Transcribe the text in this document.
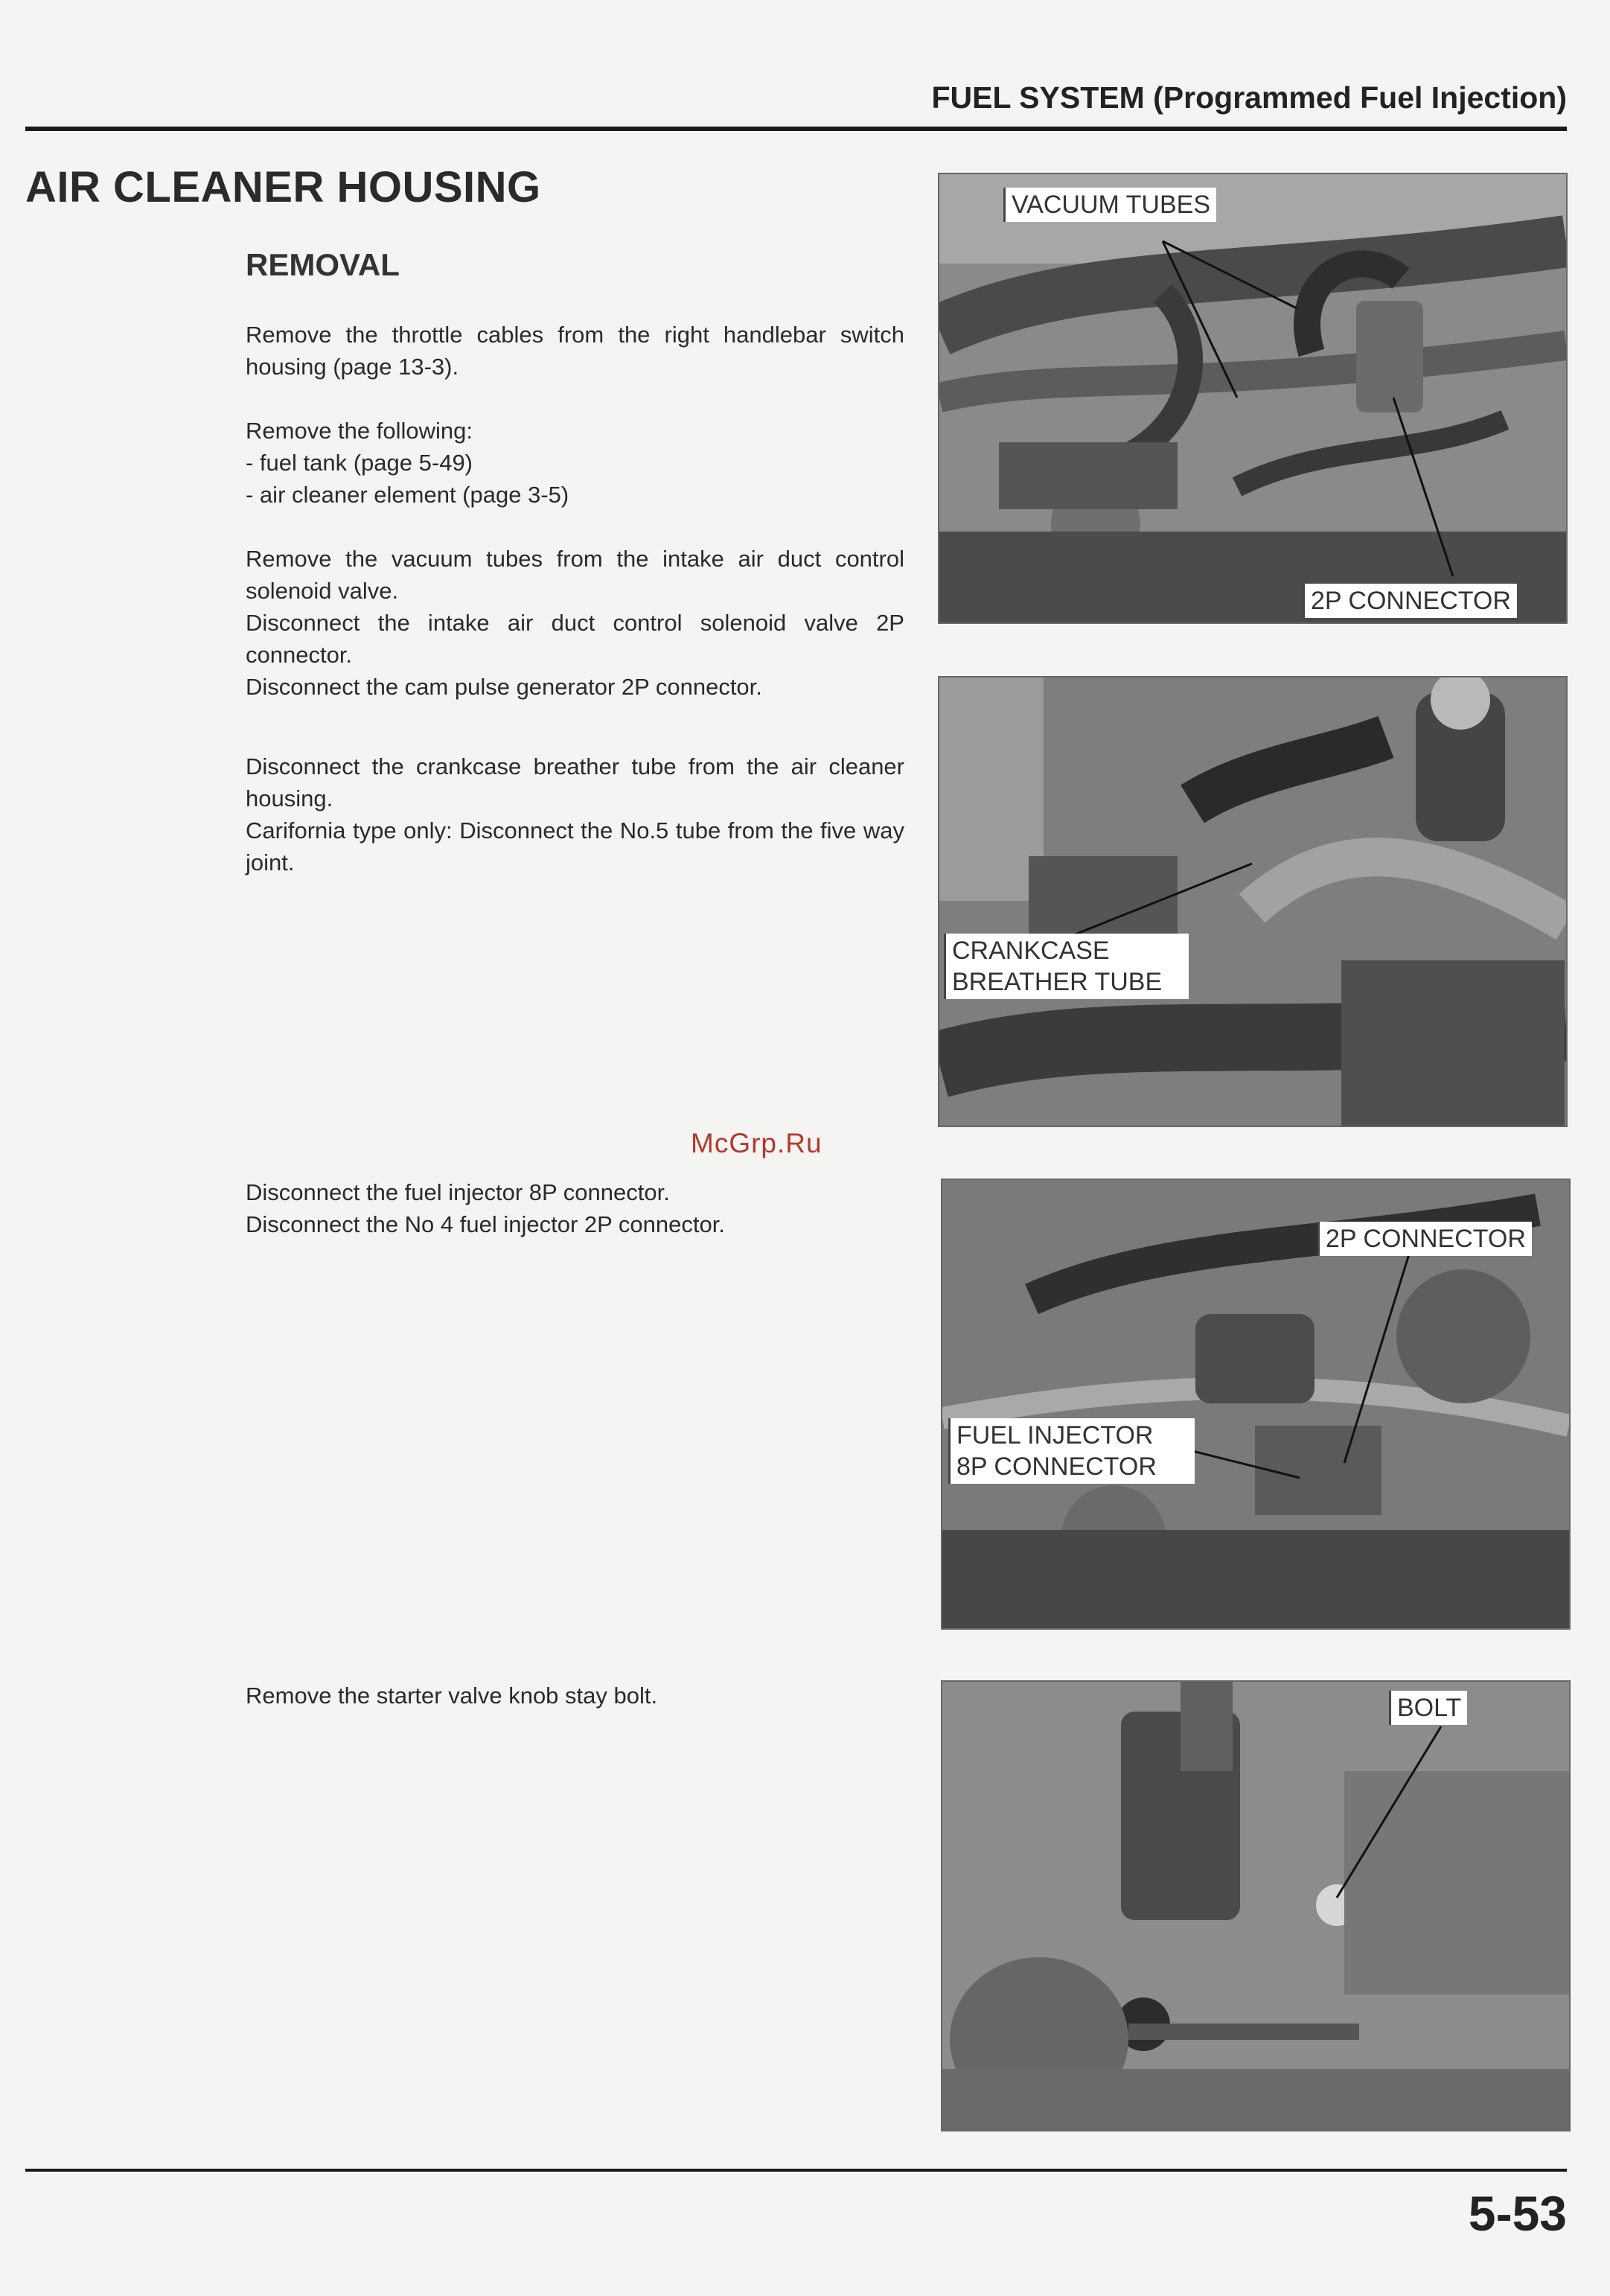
FUEL SYSTEM (Programmed Fuel Injection)
AIR CLEANER HOUSING
REMOVAL

Remove the throttle cables from the right handlebar switch housing (page 13-3).

Remove the following:

- fuel tank (page 5-49)

- air cleaner element (page 3-5)

Remove the vacuum tubes from the intake air duct control solenoid valve.

Disconnect the intake air duct control solenoid valve 2P connector.

Disconnect the cam pulse generator 2P connector.

Disconnect the crankcase breather tube from the air cleaner housing.

Carifornia type only: Disconnect the No.5 tube from the five way joint.

McGrp.Ru

Disconnect the fuel injector 8P connector.

Disconnect the No 4 fuel injector 2P connector.

Remove the starter valve knob stay bolt.

VACUUM TUBES
2P CONNECTOR
CRANKCASE
BREATHER TUBE
2P CONNECTOR
FUEL INJECTOR
8P CONNECTOR
BOLT
5-53
